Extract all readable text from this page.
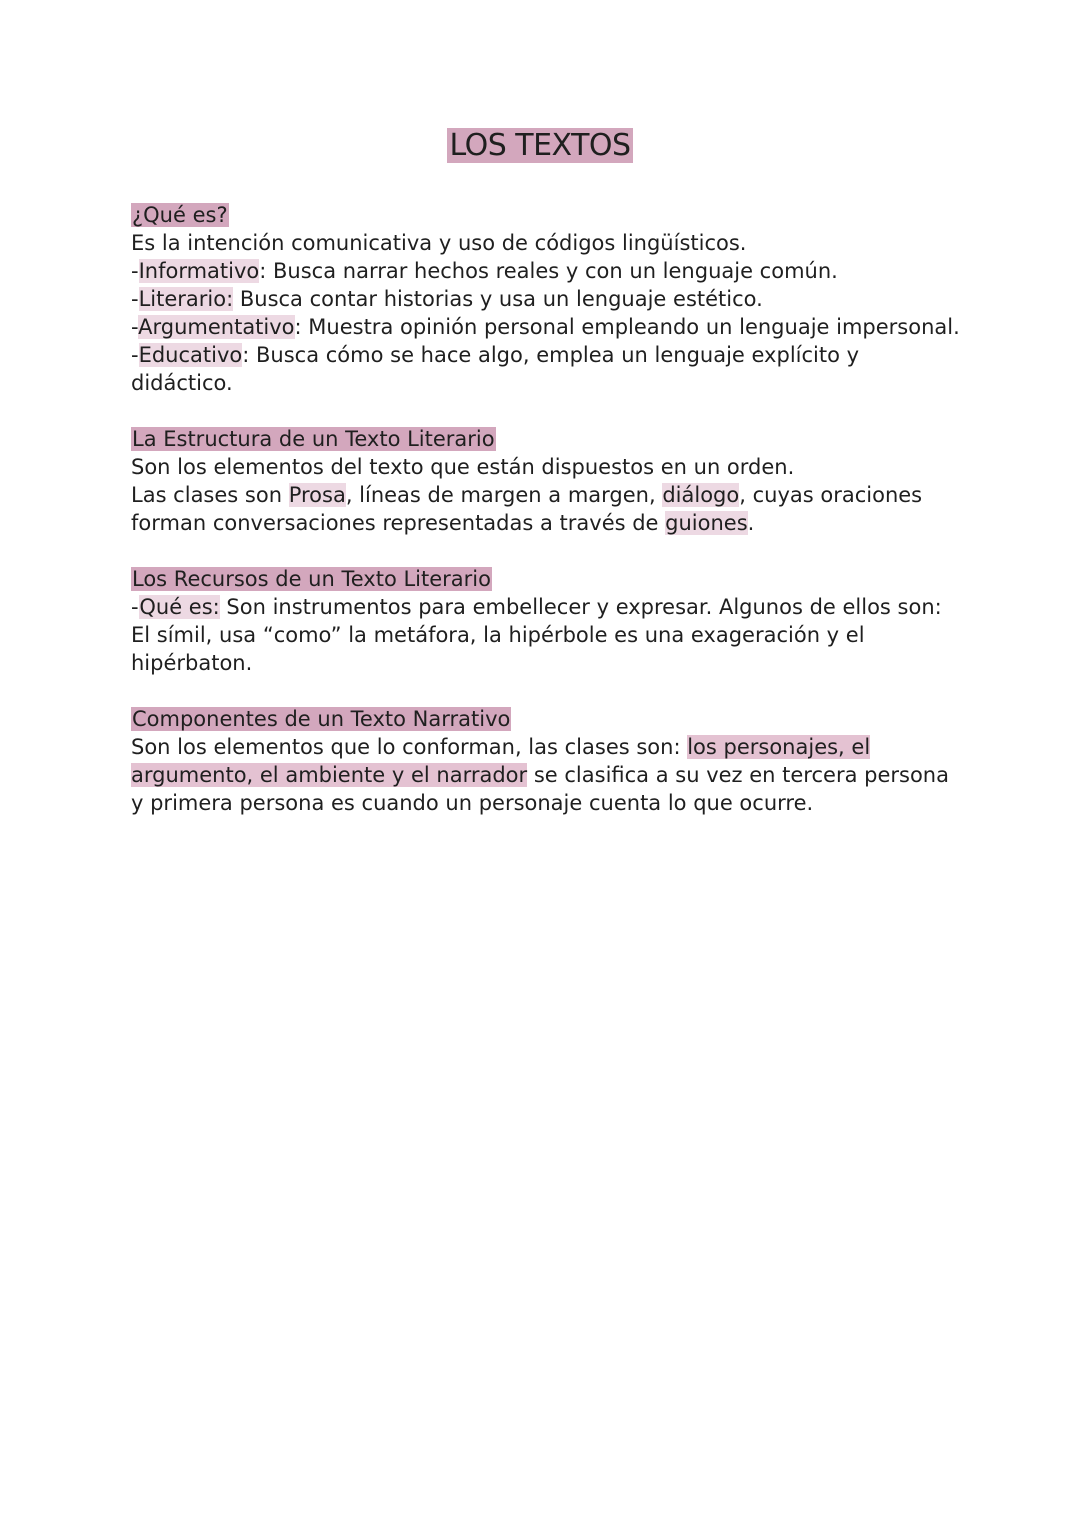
LOS TEXTOS

¿Qué es?

Es la intención comunicativa y uso de códigos lingüísticos.

-Informativo: Busca narrar hechos reales y con un lenguaje común.

-Literario: Busca contar historias y usa un lenguaje estético.

-Argumentativo: Muestra opinión personal empleando un lenguaje impersonal.

-Educativo: Busca cómo se hace algo, emplea un lenguaje explícito y didáctico.

La Estructura de un Texto Literario

Son los elementos del texto que están dispuestos en un orden.

Las clases son Prosa, líneas de margen a margen, diálogo, cuyas oraciones forman conversaciones representadas a través de guiones.

Los Recursos de un Texto Literario

-Qué es: Son instrumentos para embellecer y expresar. Algunos de ellos son: El símil, usa “como” la metáfora, la hipérbole es una exageración y el hipérbaton.

Componentes de un Texto Narrativo

Son los elementos que lo conforman, las clases son: los personajes, el argumento, el ambiente y el narrador se clasifica a su vez en tercera persona y primera persona es cuando un personaje cuenta lo que ocurre.
